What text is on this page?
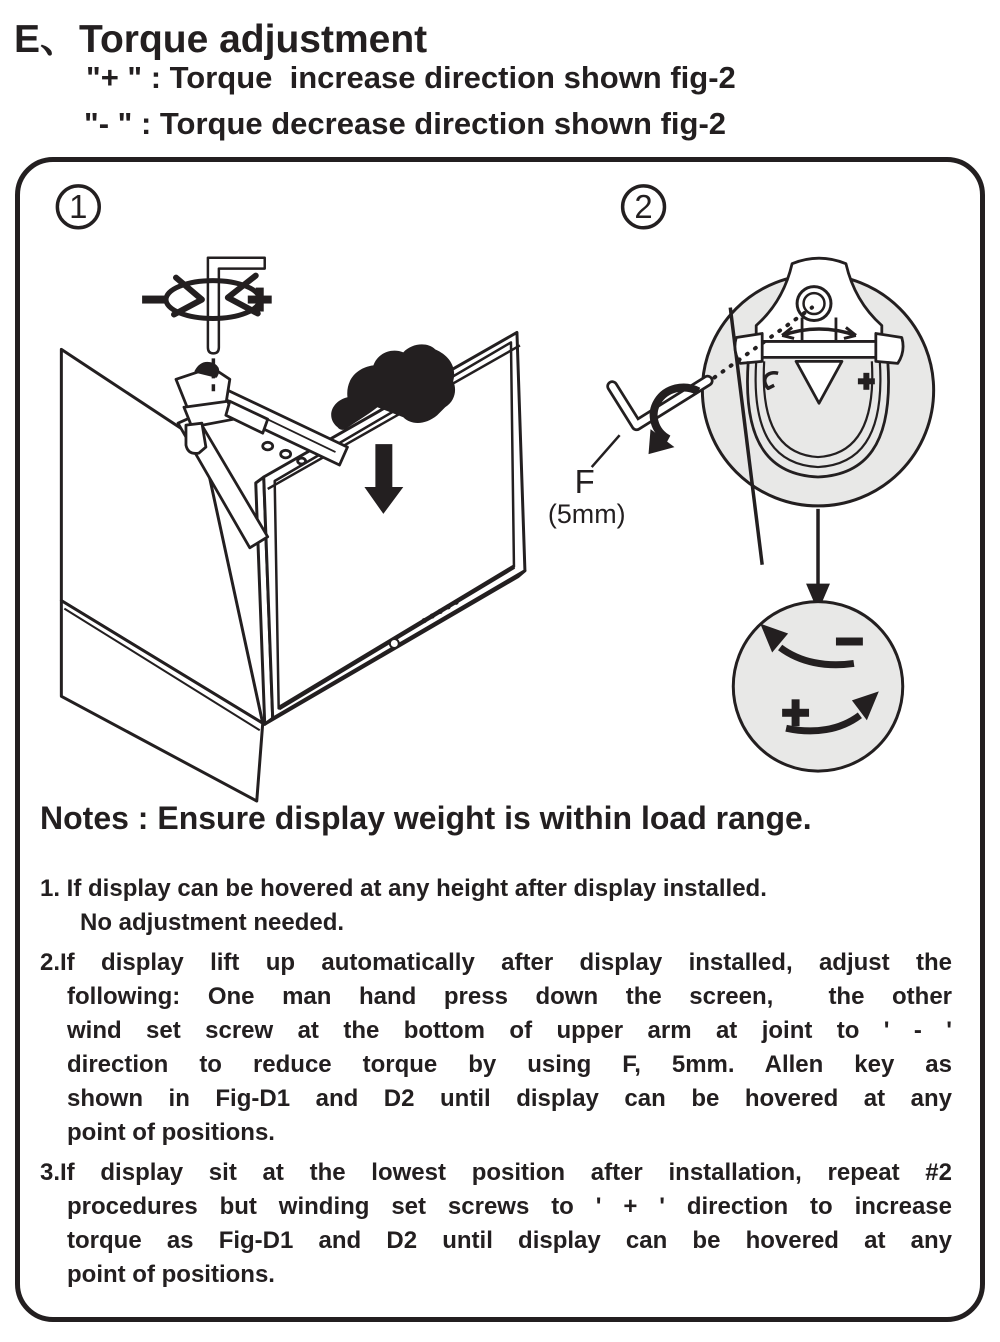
E、Torque adjustment
"+ " : Torque  increase direction shown fig-2
"- " : Torque decrease direction shown fig-2
1	2
F
(5mm)
Notes : Ensure display weight is within load range.
1. If display can be hovered at any height after display installed.
No adjustment needed.
2.If display lift up automatically after display installed, adjust the
following: One man hand press down the screen,  the other
wind set screw at the bottom of upper arm at joint to ' - '
direction to reduce torque by using F, 5mm. Allen key as
shown in Fig-D1 and D2 until display can be hovered at any
point of positions.
3.If display sit at the lowest position after installation, repeat #2
procedures but winding set screws to ' + ' direction to increase
torque as Fig-D1 and D2 until display can be hovered at any
point of positions.
